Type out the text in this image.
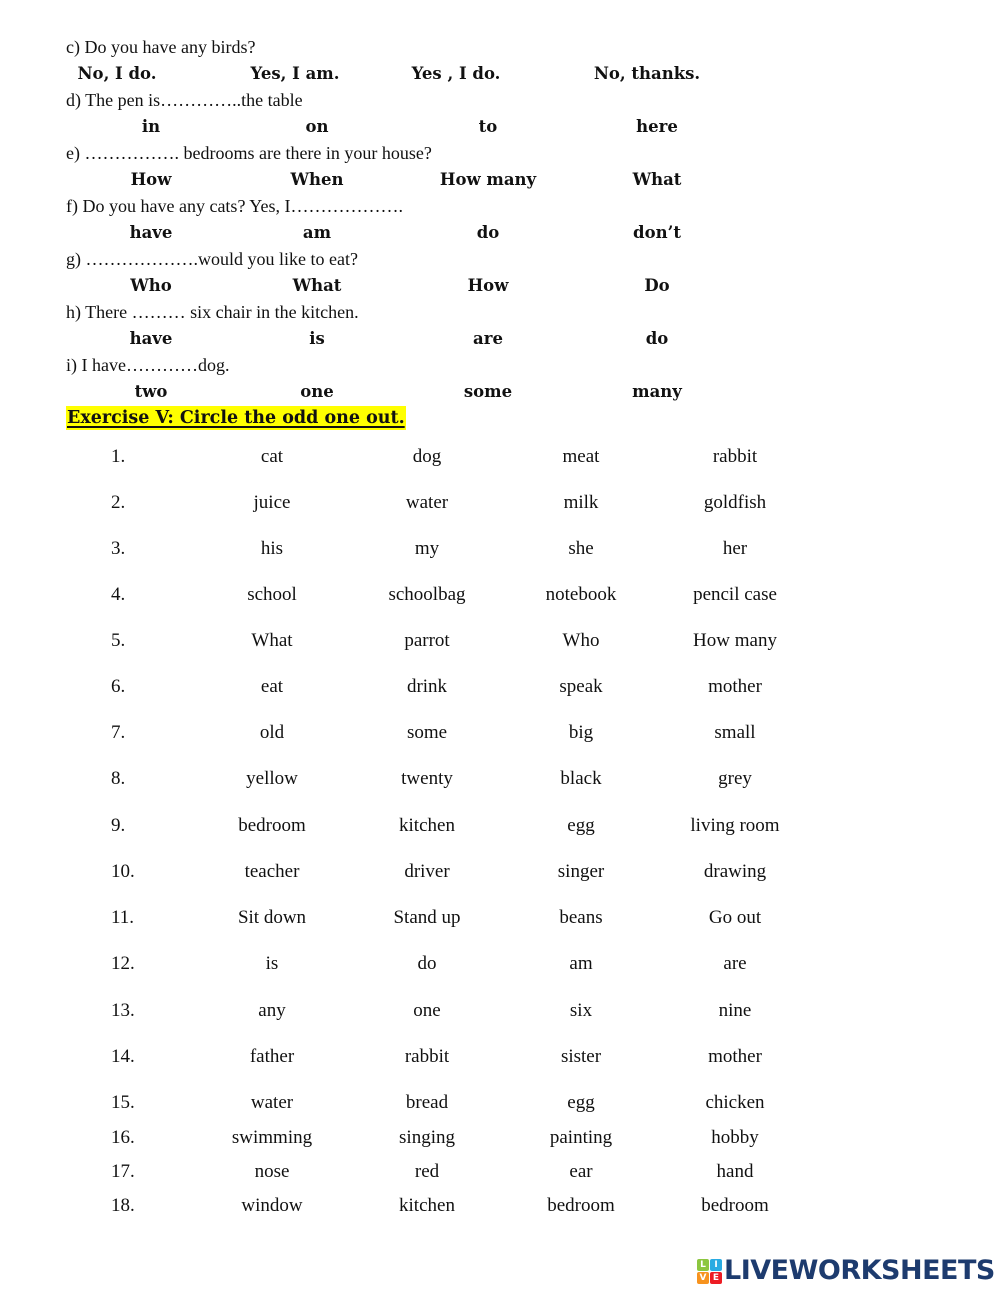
c) Do you have any birds?
No, I do.	Yes, I am.	Yes , I do.	No, thanks.
d) The pen is…………..the table
in	on	to	here
e) ……………. bedrooms are there in your house?
How	When	How many	What
f) Do you have any cats? Yes, I……………….
have	am	do	don’t
g) ……………….would you like to eat?
Who	What	How	Do
h) There ……… six chair in the kitchen.
have	is	are	do
i) I have…………dog.
two	one	some	many
Exercise V: Circle the odd one out.
1.	cat	dog	meat	rabbit
2.	juice	water	milk	goldfish
3.	his	my	she	her
4.	school	schoolbag	notebook	pencil case
5.	What	parrot	Who	How many
6.	eat	drink	speak	mother
7.	old	some	big	small
8.	yellow	twenty	black	grey
9.	bedroom	kitchen	egg	living room
10.	teacher	driver	singer	drawing
11.	Sit down	Stand up	beans	Go out
12.	is	do	am	are
13.	any	one	six	nine
14.	father	rabbit	sister	mother
15.	water	bread	egg	chicken
16.	swimming	singing	painting	hobby
17.	nose	red	ear	hand
18.	window	kitchen	bedroom	bedroom
L I
V E LIVEWORKSHEETS
